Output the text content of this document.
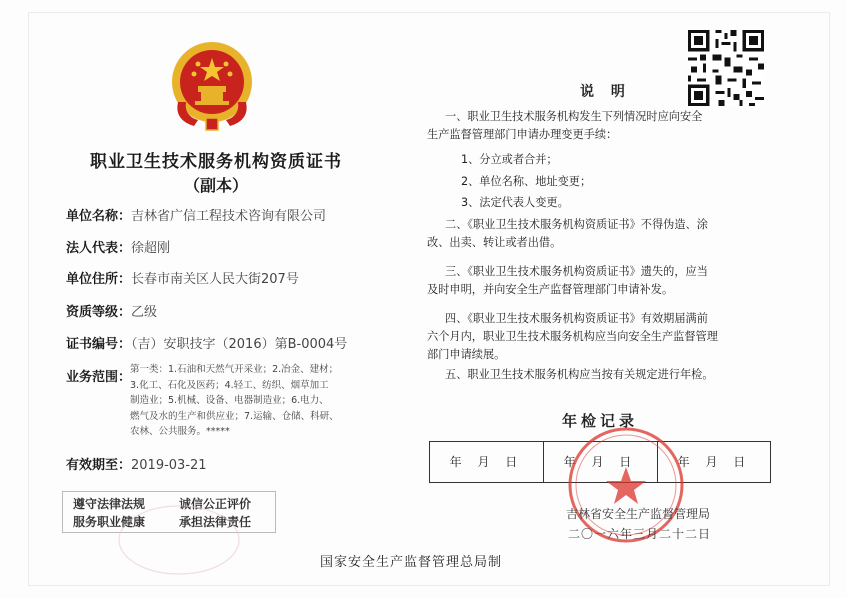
职业卫生技术服务机构资质证书
（副本）
单位名称：吉林省广信工程技术咨询有限公司
法人代表：徐超刚
单位住所：长春市南关区人民大街207号
资质等级：乙级
证书编号：（吉）安职技字（2016）第B-0004号
业务范围：
第一类：1.石油和天然气开采业；2.冶金、建材；
3.化工、石化及医药；4.轻工、纺织、烟草加工
制造业；5.机械、设备、电器制造业；6.电力、
燃气及水的生产和供应业；7.运输、仓储、科研、
农林、公共服务。*****
有效期至：2019-03-21
遵守法律法规	诚信公正评价
服务职业健康	承担法律责任
国家安全生产监督管理总局制
说 明
一、职业卫生技术服务机构发生下列情况时应向安全
生产监督管理部门申请办理变更手续：
1、分立或者合并；
2、单位名称、地址变更；
3、法定代表人变更。
二、《职业卫生技术服务机构资质证书》不得伪造、涂
改、出卖、转让或者出借。
三、《职业卫生技术服务机构资质证书》遗失的，应当
及时申明，并向安全生产监督管理部门申请补发。
四、《职业卫生技术服务机构资质证书》有效期届满前
六个月内，职业卫生技术服务机构应当向安全生产监督管理
部门申请续展。
五、职业卫生技术服务机构应当按有关规定进行年检。
年检记录
年 月 日	年 月 日	年 月 日
吉林省安全生产监督管理局
二〇一六年三月二十二日
